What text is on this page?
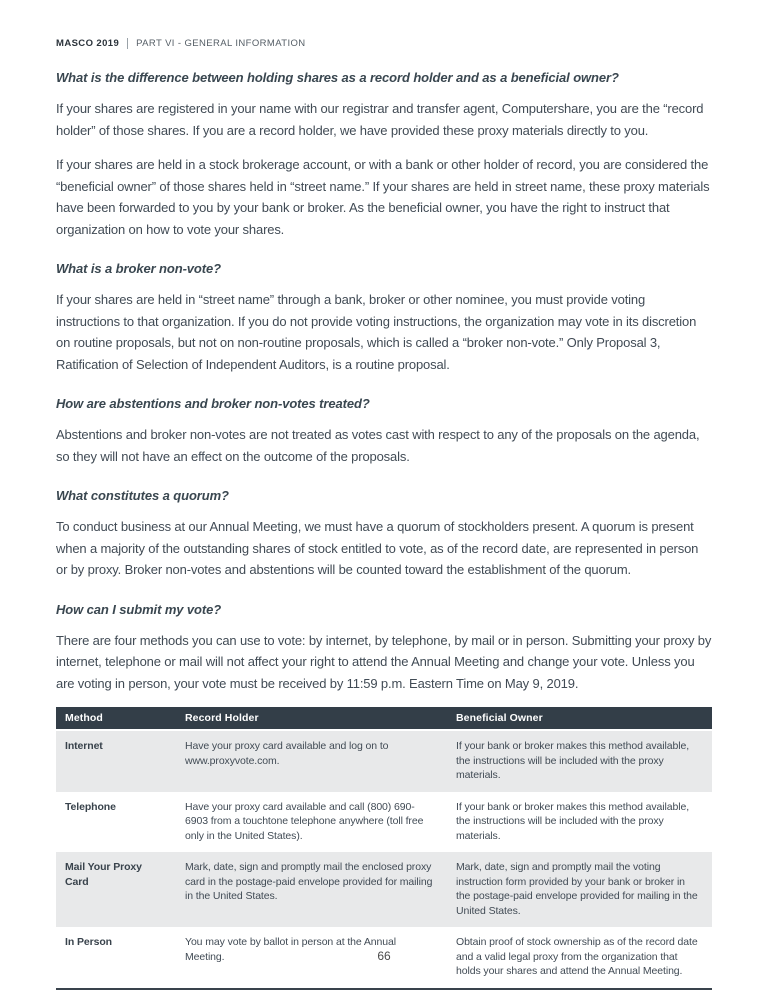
MASCO 2019 PART VI - GENERAL INFORMATION
What is the difference between holding shares as a record holder and as a beneficial owner?

If your shares are registered in your name with our registrar and transfer agent, Computershare, you are the “record holder” of those shares. If you are a record holder, we have provided these proxy materials directly to you.

If your shares are held in a stock brokerage account, or with a bank or other holder of record, you are considered the “beneficial owner” of those shares held in “street name.” If your shares are held in street name, these proxy materials have been forwarded to you by your bank or broker. As the beneficial owner, you have the right to instruct that organization on how to vote your shares.

What is a broker non-vote?

If your shares are held in “street name” through a bank, broker or other nominee, you must provide voting instructions to that organization. If you do not provide voting instructions, the organization may vote in its discretion on routine proposals, but not on non-routine proposals, which is called a “broker non-vote.” Only Proposal 3, Ratification of Selection of Independent Auditors, is a routine proposal.

How are abstentions and broker non-votes treated?

Abstentions and broker non-votes are not treated as votes cast with respect to any of the proposals on the agenda, so they will not have an effect on the outcome of the proposals.

What constitutes a quorum?

To conduct business at our Annual Meeting, we must have a quorum of stockholders present. A quorum is present when a majority of the outstanding shares of stock entitled to vote, as of the record date, are represented in person or by proxy. Broker non-votes and abstentions will be counted toward the establishment of the quorum.

How can I submit my vote?

There are four methods you can use to vote: by internet, by telephone, by mail or in person. Submitting your proxy by internet, telephone or mail will not affect your right to attend the Annual Meeting and change your vote. Unless you are voting in person, your vote must be received by 11:59 p.m. Eastern Time on May 9, 2019.

Method	Record Holder	Beneficial Owner
Internet	Have your proxy card available and log on to www.proxyvote.com.	If your bank or broker makes this method available, the instructions will be included with the proxy materials.
Telephone	Have your proxy card available and call (800) 690-6903 from a touchtone telephone anywhere (toll free only in the United States).	If your bank or broker makes this method available, the instructions will be included with the proxy materials.
Mail Your Proxy Card	Mark, date, sign and promptly mail the enclosed proxy card in the postage-paid envelope provided for mailing in the United States.	Mark, date, sign and promptly mail the voting instruction form provided by your bank or broker in the postage-paid envelope provided for mailing in the United States.
In Person	You may vote by ballot in person at the Annual Meeting.	Obtain proof of stock ownership as of the record date and a valid legal proxy from the organization that holds your shares and attend the Annual Meeting.
66
